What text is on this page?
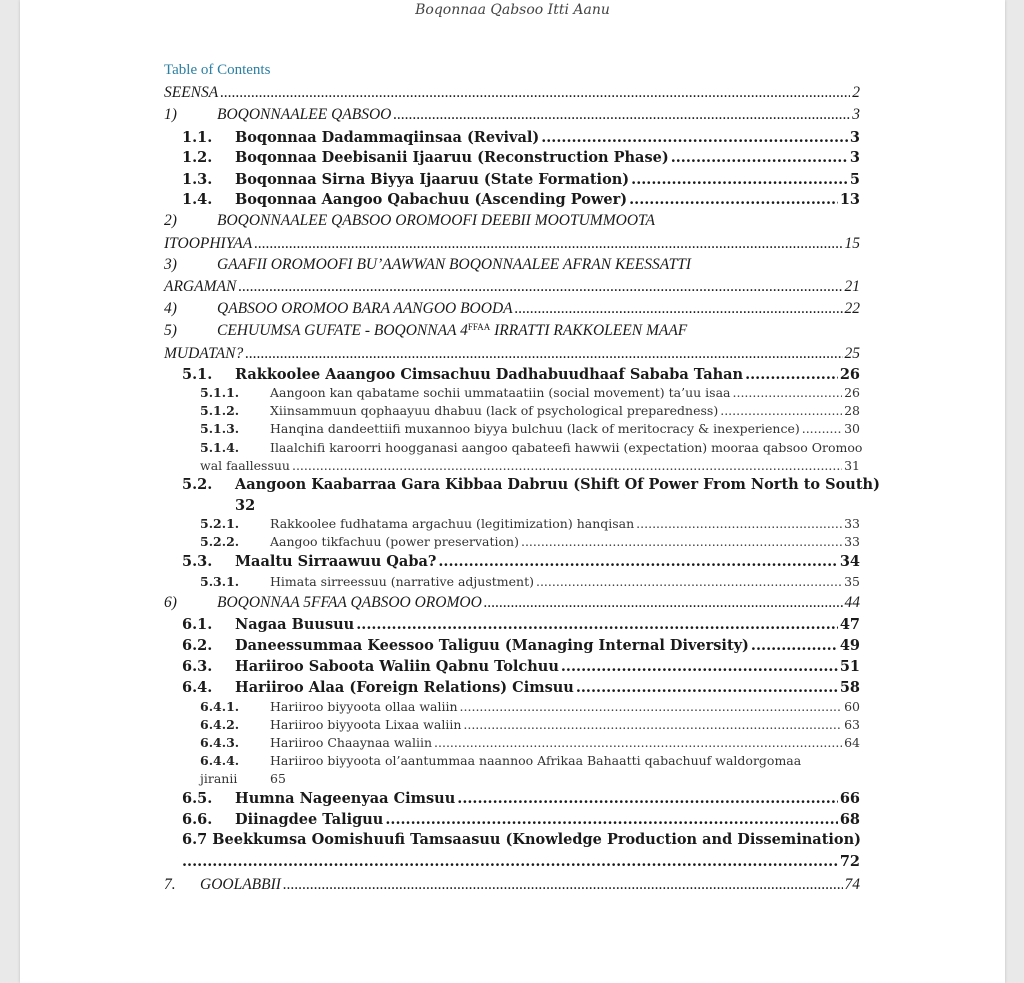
Boqonnaa Qabsoo Itti Aanu
Table of Contents
SEENSA .....	2
1)	BOQONNAALEE QABSOO .....	3
1.1.	Boqonnaa Dadammaqiinsaa (Revival) .....	3
1.2.	Boqonnaa Deebisanii Ijaaruu (Reconstruction Phase) .....	3
1.3.	Boqonnaa Sirna Biyya Ijaaruu (State Formation) .....	5
1.4.	Boqonnaa Aangoo Qabachuu (Ascending Power) .....	13
2)	BOQONNAALEE QABSOO OROMOOFI DEEBII MOOTUMMOOTA
ITOOPHIYAA .....	15
3)	GAAFII OROMOOFI BU’AAWWAN BOQONNAALEE AFRAN KEESSATTI
ARGAMAN .....	21
4)	QABSOO OROMOO BARA AANGOO BOODA .....	22
5)	CEHUUMSA GUFATE - BOQONNAA $4^{FFAA}$ IRRATTI RAKKOLEEN MAAF
MUDATAN? .....	25
5.1.	Rakkoolee Aaangoo Cimsachuu Dadhabuudhaaf Sababa Tahan .....	26
5.1.1.	Aangoon kan qabatame sochii ummataatiin (social movement) ta’uu isaa .....	26
5.1.2.	Xiinsammuun qophaayuu dhabuu (lack of psychological preparedness) .....	28
5.1.3.	Hanqina dandeettiifi muxannoo biyya bulchuu (lack of meritocracy & inexperience) .....	30
5.1.4. Ilaalchifi karoorri hoogganasi aangoo qabateefi hawwii (expectation) mooraa qabsoo Oromoo
wal faallessuu .....	31
5.2. Aangoon Kaabarraa Gara Kibbaa Dabruu (Shift Of Power From North to South)
32
5.2.1.	Rakkoolee fudhatama argachuu (legitimization) hanqisan .....	33
5.2.2.	Aangoo tikfachuu (power preservation) .....	33
5.3.	Maaltu Sirraawuu Qaba? .....	34
5.3.1.	Himata sirreessuu (narrative adjustment) .....	35
6)	BOQONNAA 5FFAA QABSOO OROMOO .....	44
6.1.	Nagaa Buusuu .....	47
6.2.	Daneessummaa Keessoo Taliguu (Managing Internal Diversity) .....	49
6.3.	Hariiroo Saboota Waliin Qabnu Tolchuu .....	51
6.4.	Hariiroo Alaa (Foreign Relations) Cimsuu .....	58
6.4.1.	Hariiroo biyyoota ollaa waliin .....	60
6.4.2.	Hariiroo biyyoota Lixaa waliin .....	63
6.4.3.	Hariiroo Chaaynaa waliin .....	64
6.4.4. Hariiroo biyyoota ol’aantummaa naannoo Afrikaa Bahaatti qabachuuf waldorgomaa
jiranii	65
6.5.	Humna Nageenyaa Cimsuu .....	66
6.6.	Diinagdee Taliguu .....	68
6.7 Beekkumsa Oomishuufi Tamsaasuu (Knowledge Production and Dissemination)
.....
72
7.	GOOLABBII .....	74
